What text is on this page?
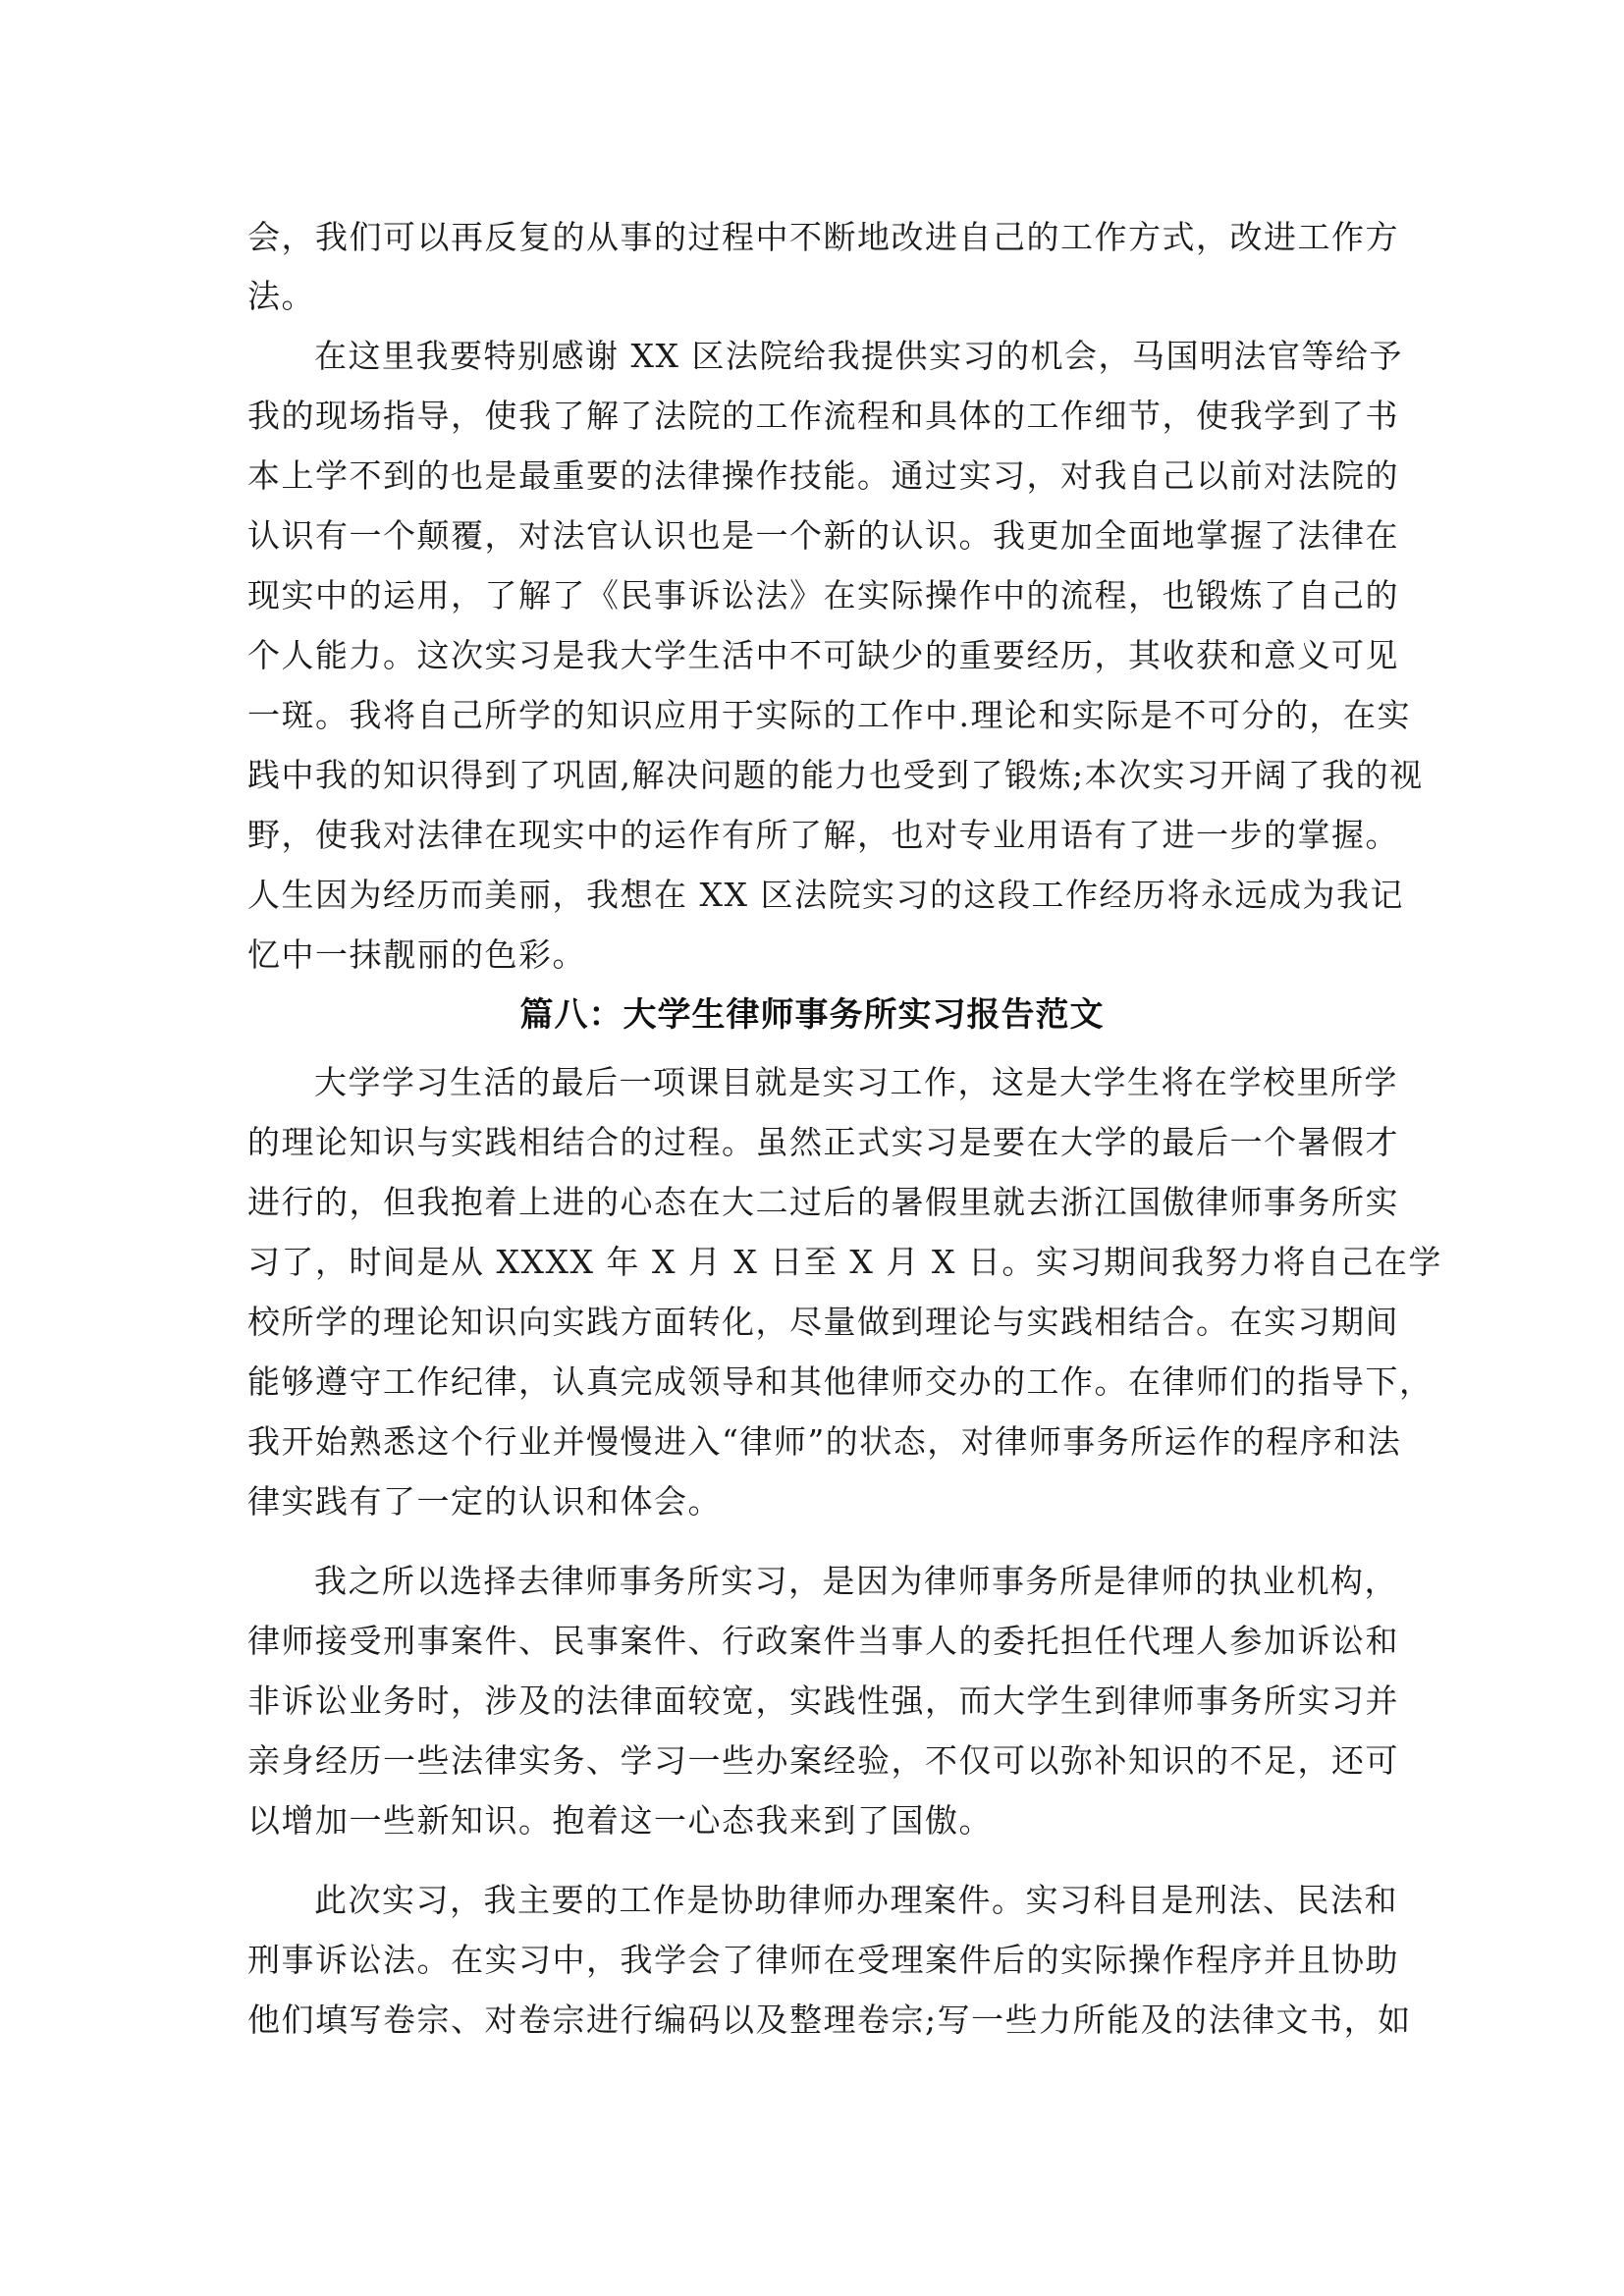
会，我们可以再反复的从事的过程中不断地改进自己的工作方式，改进工作方
法。
在这里我要特别感谢 XX 区法院给我提供实习的机会，马国明法官等给予
我的现场指导，使我了解了法院的工作流程和具体的工作细节，使我学到了书
本上学不到的也是最重要的法律操作技能。通过实习，对我自己以前对法院的
认识有一个颠覆，对法官认识也是一个新的认识。我更加全面地掌握了法律在
现实中的运用，了解了《民事诉讼法》在实际操作中的流程，也锻炼了自己的
个人能力。这次实习是我大学生活中不可缺少的重要经历，其收获和意义可见
一斑。我将自己所学的知识应用于实际的工作中.理论和实际是不可分的，在实
践中我的知识得到了巩固,解决问题的能力也受到了锻炼;本次实习开阔了我的视
野，使我对法律在现实中的运作有所了解，也对专业用语有了进一步的掌握。
人生因为经历而美丽，我想在 XX 区法院实习的这段工作经历将永远成为我记
忆中一抹靓丽的色彩。
篇八：大学生律师事务所实习报告范文
大学学习生活的最后一项课目就是实习工作，这是大学生将在学校里所学
的理论知识与实践相结合的过程。虽然正式实习是要在大学的最后一个暑假才
进行的，但我抱着上进的心态在大二过后的暑假里就去浙江国傲律师事务所实
习了，时间是从 XXXX 年 X 月 X 日至 X 月 X 日。实习期间我努力将自己在学
校所学的理论知识向实践方面转化，尽量做到理论与实践相结合。在实习期间
能够遵守工作纪律，认真完成领导和其他律师交办的工作。在律师们的指导下，
我开始熟悉这个行业并慢慢进入“律师”的状态，对律师事务所运作的程序和法
律实践有了一定的认识和体会。
我之所以选择去律师事务所实习，是因为律师事务所是律师的执业机构，
律师接受刑事案件、民事案件、行政案件当事人的委托担任代理人参加诉讼和
非诉讼业务时，涉及的法律面较宽，实践性强，而大学生到律师事务所实习并
亲身经历一些法律实务、学习一些办案经验，不仅可以弥补知识的不足，还可
以增加一些新知识。抱着这一心态我来到了国傲。
此次实习，我主要的工作是协助律师办理案件。实习科目是刑法、民法和
刑事诉讼法。在实习中，我学会了律师在受理案件后的实际操作程序并且协助
他们填写卷宗、对卷宗进行编码以及整理卷宗;写一些力所能及的法律文书，如
